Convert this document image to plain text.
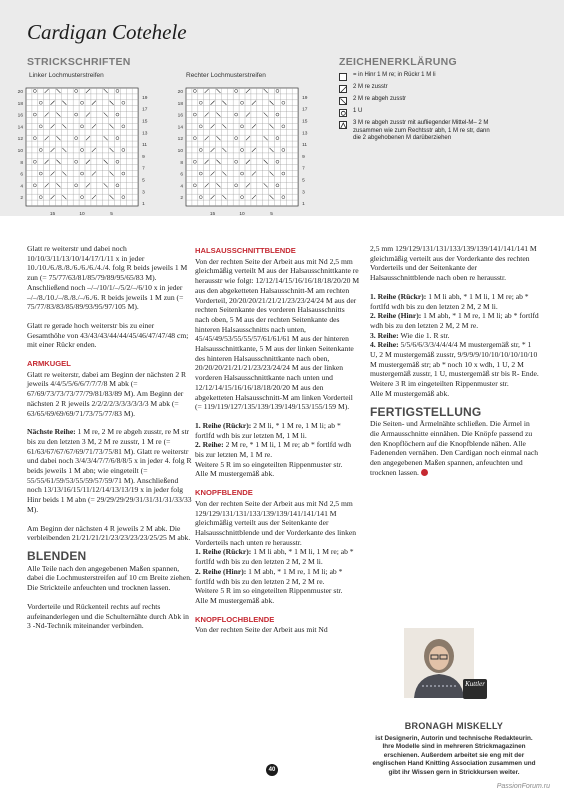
Cardigan Cotehele
STRICKSCHRIFTEN	ZEICHENERKLÄRUNG
Linker Lochmusterstreifen	Rechter Lochmusterstreifen
20
19
18
17
16
15
14
13
12
11
10
9
8
7
6
5
4
3
2
1
15	10	5
20
19
18
17
16
15
14
13
12
11
10
9
8
7
6
5
4
3
2
1
15	10	5
= in Hinr 1 M re; in Rückr 1 M li
2 M re zusstr
2 M re abgeh zusstr
1 U
3 M re abgeh zusstr mit aufliegender Mittel-M– 2 M zusammen wie zum Rechtsstr abh, 1 M re str, dann die 2 abgehobenen M darüberziehen

Glatt re weiterstr und dabei noch 10/10/3/11/13/10/14/17/1/11 x in jeder 10./10./6./8./8./6./6./6./4./4. folg R beids jeweils 1 M zun (= 75/77/63/81/85/79/89/95/65/83 M). Anschließend noch –/–/10/1/–/5/2/–/6/10 x in jeder –/–/8./10./–/8./8./–/6./6. R beids jeweils 1 M zun (= 75/77/83/83/85/89/93/95/97/105 M).

Glatt re gerade hoch weiterstr bis zu einer Gesamthöhe von 43/43/43/44/44/45/46/47/47/48 cm; mit einer Rückr enden.

ARMKUGEL

Glatt re weiterstr, dabei am Beginn der nächsten 2 R jeweils 4/4/5/5/6/6/7/7/7/8 M abk (= 67/69/73/73/73/77/79/81/83/89 M). Am Beginn der nächsten 2 R jeweils 2/2/2/2/3/3/3/3/3/3 M abk (= 63/65/69/69/69/71/73/75/77/83 M).

Nächste Reihe: 1 M re, 2 M re abgeh zusstr, re M str bis zu den letzten 3 M, 2 M re zusstr, 1 M re (= 61/63/67/67/67/69/71/73/75/81 M). Glatt re weiterstr und dabei noch 3/4/3/4/7/7/6/8/8/5 x in jeder 4. folg R beids jeweils 1 M abn; wie eingeteilt (= 55/55/61/59/53/55/59/57/59/71 M). Anschließend noch 13/13/16/15/11/12/14/13/13/19 x in jeder folg Hinr beids 1 M abn (= 29/29/29/29/31/31/31/31/33/33 M).

Am Beginn der nächsten 4 R jeweils 2 M abk. Die verbleibenden 21/21/21/21/23/23/23/23/25/25 M abk.

BLENDEN

Alle Teile nach den angegebenen Maßen spannen, dabei die Lochmusterstreifen auf 10 cm Breite ziehen. Die Strickteile anfeuchten und trocknen lassen.

Vorderteile und Rückenteil rechts auf rechts aufeinanderlegen und die Schulternähte durch Abk in 3 -Nd-Technik miteinander verbinden.

HALSAUSSCHNITTBLENDE

Von der rechten Seite der Arbeit aus mit Nd 2,5 mm gleichmäßig verteilt M aus der Halsausschnittkante re herausstr wie folgt: 12/12/14/15/16/16/18/18/20/20 M aus den abgeketteten Halsausschnitt-M am rechten Vorderteil, 20/20/20/21/21/21/23/23/24/24 M aus der rechten Seitenkante des vorderen Halsausschnitts nach oben, 5 M aus der rechten Seitenkante des hinteren Halsausschnitts nach unten, 45/45/49/53/55/55/57/61/61/61 M aus der hinteren Halsausschnittkante, 5 M aus der linken Seitenkante des hinteren Halsausschnittkante nach oben, 20/20/20/21/21/21/23/23/24/24 M aus der linken vorderen Halsausschnittkante nach unten und 12/12/14/15/16/16/18/18/20/20 M aus den abgeketteten Halsausschnitt-M am linken Vorderteil (= 119/119/127/135/139/139/149/153/155/159 M).

1. Reihe (Rückr): 2 M li, * 1 M re, 1 M li; ab * fortlfd wdh bis zur letzten M, 1 M li.

2. Reihe: 2 M re, * 1 M li, 1 M re; ab * fortlfd wdh bis zur letzten M, 1 M re.

Weitere 5 R im so eingeteilten Rippenmuster str.

Alle M mustergemäß abk.

KNOPFBLENDE

Von der rechten Seite der Arbeit aus mit Nd 2,5 mm 129/129/131/131/133/139/139/141/141/141 M gleichmäßig verteilt aus der Seitenkante der Halsausschnittblende und der Vorderkante des linken Vorderteils nach unten re herausstr.

1. Reihe (Rückr): 1 M li abh, * 1 M li, 1 M re; ab * fortlfd wdh bis zu den letzten 2 M, 2 M li.

2. Reihe (Hinr): 1 M abh, * 1 M re, 1 M li; ab * fortlfd wdh bis zu den letzten 2 M, 2 M re.

Weitere 5 R im so eingeteilten Rippenmuster str.

Alle M mustergemäß abk.

KNOPFLOCHBLENDE

Von der rechten Seite der Arbeit aus mit Nd

2,5 mm 129/129/131/131/133/139/139/141/141/141 M gleichmäßig verteilt aus der Vorderkante des rechten Vorderteils und der Seitenkante der Halsausschnittblende nach oben re herausstr.

1. Reihe (Rückr): 1 M li abh, * 1 M li, 1 M re; ab * fortlfd wdh bis zu den letzten 2 M, 2 M li.

2. Reihe (Hinr): 1 M abh, * 1 M re, 1 M li; ab * fortlfd wdh bis zu den letzten 2 M, 2 M re.

3. Reihe: Wie die 1. R str.

4. Reihe: 5/5/6/6/3/3/4/4/4/4 M mustergemäß str, * 1 U, 2 M mustergemäß zusstr, 9/9/9/9/10/10/10/10/10/10 M mustergemäß str; ab * noch 10 x wdh, 1 U, 2 M mustergemäß zusstr, 1 U, mustergemäß str bis R- Ende. Weitere 3 R im eingeteilten Rippenmuster str.

Alle M mustergemäß abk.

FERTIGSTELLUNG

Die Seiten- und Ärmelnähte schließen. Die Ärmel in die Armausschnitte einnähen. Die Knöpfe passend zu den Knopflöchern auf die Knopfblende nähen. Alle Fadenenden vernähen. Den Cardigan noch einmal nach den angegebenen Maßen spannen, anfeuchten und trocknen lassen.

Kuttler
BRONAGH MISKELLY
ist Designerin, Autorin und technische Redakteurin. Ihre Modelle sind in mehreren Strickmagazinen erschienen. Außerdem arbeitet sie eng mit der englischen Hand Knitting Association zusammen und gibt ihr Wissen gern in Strickkursen weiter.
40
PassionForum.ru
